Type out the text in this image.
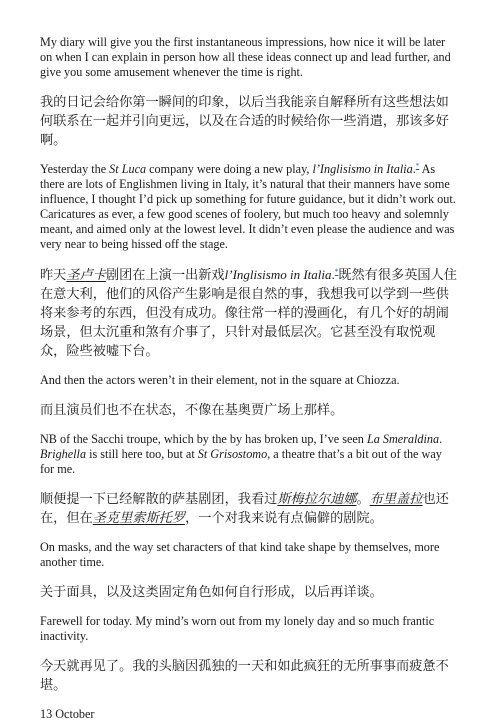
My diary will give you the first instantaneous impressions, how nice it will be later on when I can explain in person how all these ideas connect up and lead further, and give you some amusement whenever the time is right.

我的日记会给你第一瞬间的印象，以后当我能亲自解释所有这些想法如何联系在一起并引向更远，以及在合适的时候给你一些消遣，那该多好啊。

Yesterday the St Luca company were doing a new play, l’Inglisismo in Italia.* As there are lots of Englishmen living in Italy, it’s natural that their manners have some influence, I thought I’d pick up something for future guidance, but it didn’t work out. Caricatures as ever, a few good scenes of foolery, but much too heavy and solemnly meant, and aimed only at the lowest level. It didn’t even please the audience and was very near to being hissed off the stage.

昨天圣卢卡剧团在上演一出新戏l’Inglisismo in Italia.*既然有很多英国人住在意大利，他们的风俗产生影响是很自然的事，我想我可以学到一些供将来参考的东西，但没有成功。像往常一样的漫画化，有几个好的胡闹场景，但太沉重和煞有介事了，只针对最低层次。它甚至没有取悦观众，险些被嘘下台。

And then the actors weren’t in their element, not in the square at Chiozza.

而且演员们也不在状态，不像在基奥贾广场上那样。

NB of the Sacchi troupe, which by the by has broken up, I’ve seen La Smeraldina. Brighella is still here too, but at St Grisostomo, a theatre that’s a bit out of the way for me.

顺便提一下已经解散的萨基剧团，我看过斯梅拉尔迪娜。布里盖拉也还在，但在圣克里索斯托罗，一个对我来说有点偏僻的剧院。

On masks, and the way set characters of that kind take shape by themselves, more another time.

关于面具，以及这类固定角色如何自行形成，以后再详谈。

Farewell for today. My mind’s worn out from my lonely day and so much frantic inactivity.

今天就再见了。我的头脑因孤独的一天和如此疯狂的无所事事而疲惫不堪。

13 October
